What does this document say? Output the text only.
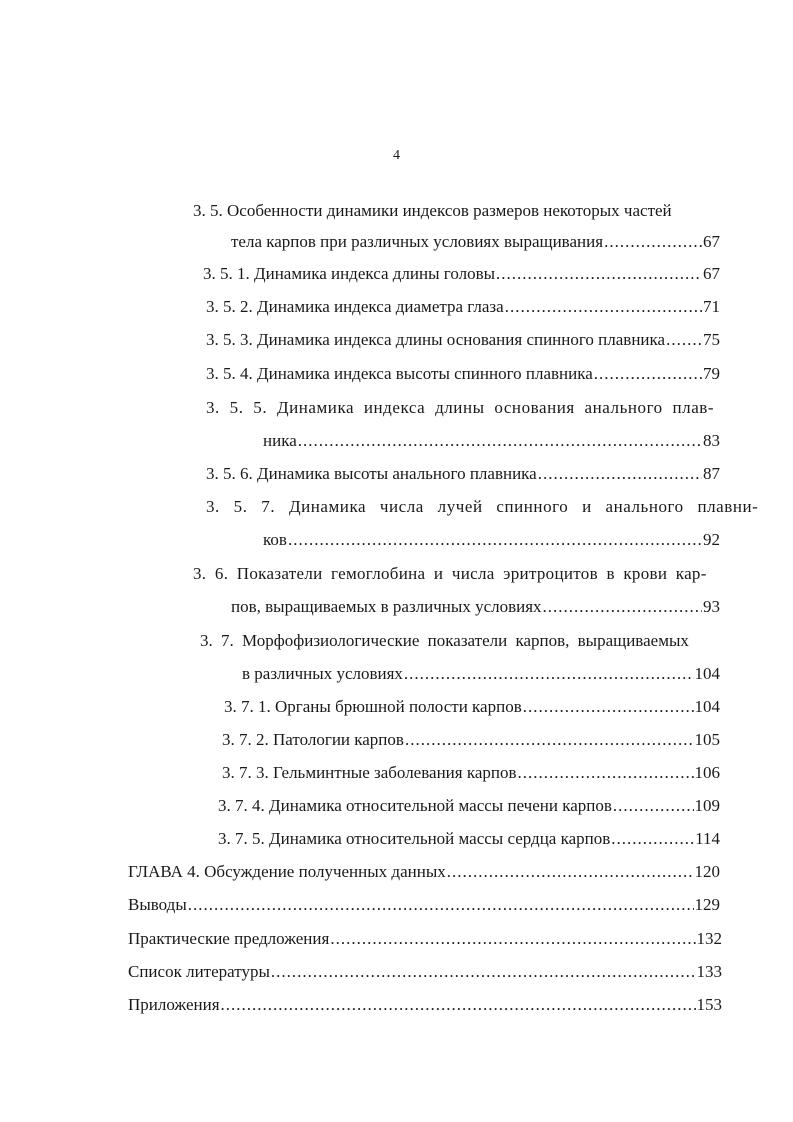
4
3. 5. Особенности динамики индексов размеров некоторых частей
тела карпов при различных условиях выращивания .....	67
3. 5. 1. Динамика индекса длины головы .....	67
3. 5. 2. Динамика индекса диаметра глаза .....	71
3. 5. 3. Динамика индекса длины основания спинного плавника ..... 75
3. 5. 4. Динамика индекса высоты спинного плавника .....	79
3. 5. 5. Динамика индекса длины основания анального плав-
ника .....	83
3. 5. 6. Динамика высоты анального плавника .....	87
3. 5. 7. Динамика числа лучей спинного и анального плавни-
ков .....	92
3. 6. Показатели гемоглобина и числа эритроцитов в крови кар-
пов, выращиваемых в различных условиях .....	93
3. 7. Морфофизиологические показатели карпов, выращиваемых
в различных условиях .....	104
3. 7. 1. Органы брюшной полости карпов .....	104
3. 7. 2. Патологии карпов .....	105
3. 7. 3. Гельминтные заболевания карпов .....	106
3. 7. 4. Динамика относительной массы печени карпов .....	109
3. 7. 5. Динамика относительной массы сердца карпов .....	114
ГЛАВА 4. Обсуждение полученных данных .....	120
Выводы .....	129
Практические предложения .....	132
Список литературы .....	133
Приложения .....	153
